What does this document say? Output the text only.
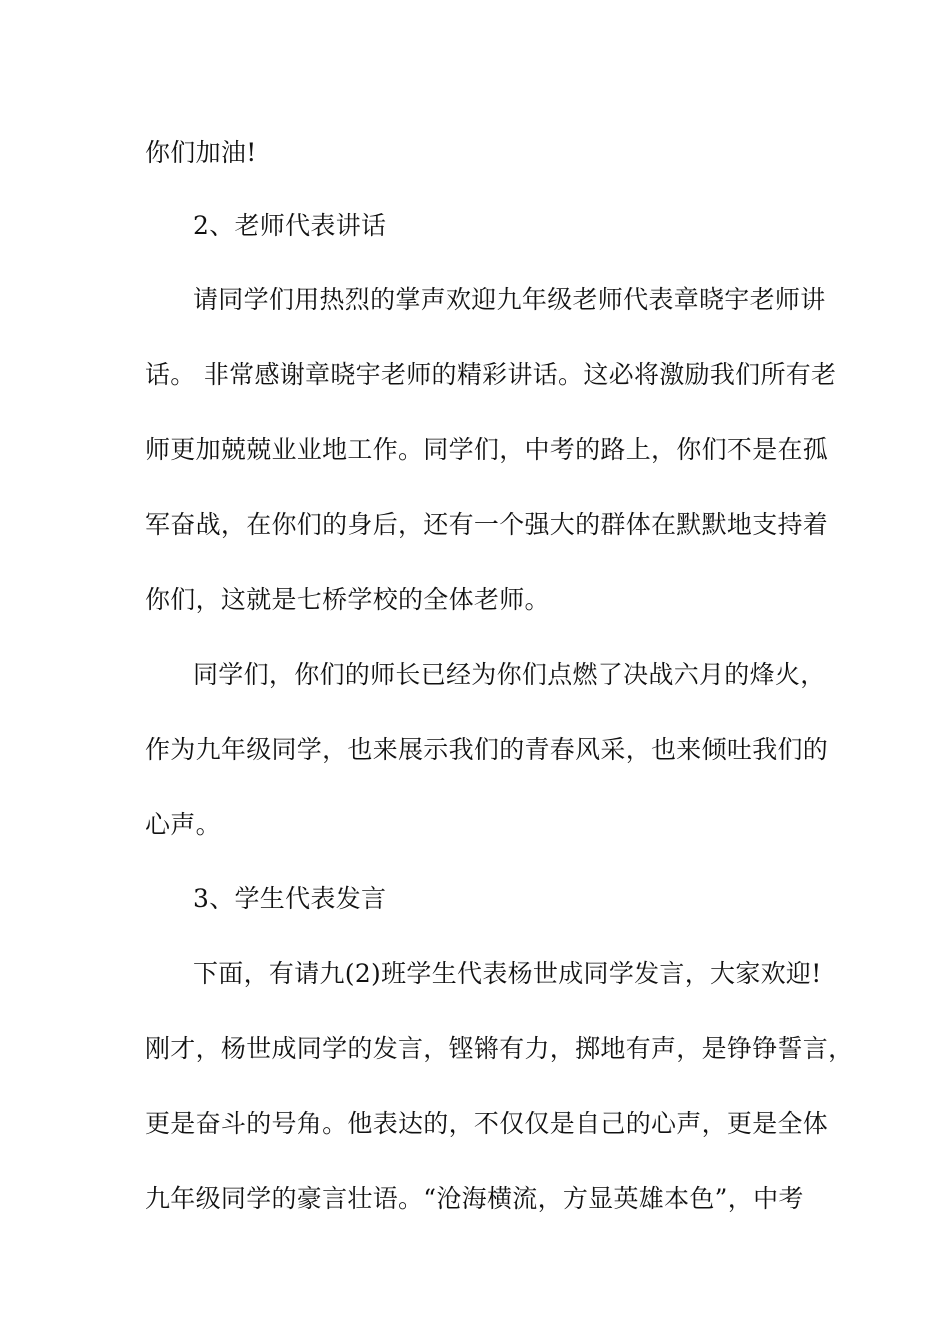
你们加油!
2、老师代表讲话
请同学们用热烈的掌声欢迎九年级老师代表章晓宇老师讲
话。 非常感谢章晓宇老师的精彩讲话。这必将激励我们所有老
师更加兢兢业业地工作。同学们，中考的路上，你们不是在孤
军奋战，在你们的身后，还有一个强大的群体在默默地支持着
你们，这就是七桥学校的全体老师。
同学们，你们的师长已经为你们点燃了决战六月的烽火，
作为九年级同学，也来展示我们的青春风采，也来倾吐我们的
心声。
3、学生代表发言
下面，有请九(2)班学生代表杨世成同学发言，大家欢迎!
刚才，杨世成同学的发言，铿锵有力，掷地有声，是铮铮誓言，
更是奋斗的号角。他表达的，不仅仅是自己的心声，更是全体
九年级同学的豪言壮语。“沧海横流，方显英雄本色”，中考
